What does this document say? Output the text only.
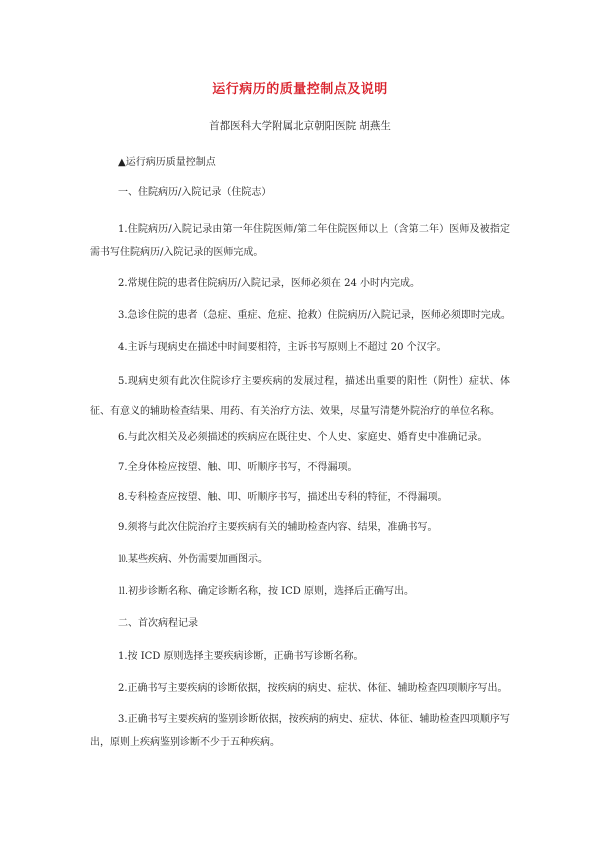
运行病历的质量控制点及说明
首都医科大学附属北京朝阳医院 胡燕生
▲运行病历质量控制点
一、住院病历/入院记录（住院志）
1.住院病历/入院记录由第一年住院医师/第二年住院医师以上（含第二年）医师及被指定需书写住院病历/入院记录的医师完成。
2.常规住院的患者住院病历/入院记录，医师必须在 24 小时内完成。
3.急诊住院的患者（急症、重症、危症、抢救）住院病历/入院记录，医师必须即时完成。
4.主诉与现病史在描述中时间要相符，主诉书写原则上不超过 20 个汉字。
5.现病史须有此次住院诊疗主要疾病的发展过程，描述出重要的阳性（阴性）症状、体征、有意义的辅助检查结果、用药、有关治疗方法、效果，尽量写清楚外院治疗的单位名称。
6.与此次相关及必须描述的疾病应在既往史、个人史、家庭史、婚育史中准确记录。
7.全身体检应按望、触、叩、听顺序书写，不得漏项。
8.专科检查应按望、触、叩、听顺序书写，描述出专科的特征，不得漏项。
9.须将与此次住院治疗主要疾病有关的辅助检查内容、结果，准确书写。
⒑某些疾病、外伤需要加画图示。
⒒初步诊断名称、确定诊断名称，按 ICD 原则，选择后正确写出。
二、首次病程记录
1.按 ICD 原则选择主要疾病诊断，正确书写诊断名称。
2.正确书写主要疾病的诊断依据，按疾病的病史、症状、体征、辅助检查四项顺序写出。
3.正确书写主要疾病的鉴别诊断依据，按疾病的病史、症状、体征、辅助检查四项顺序写出，原则上疾病鉴别诊断不少于五种疾病。
